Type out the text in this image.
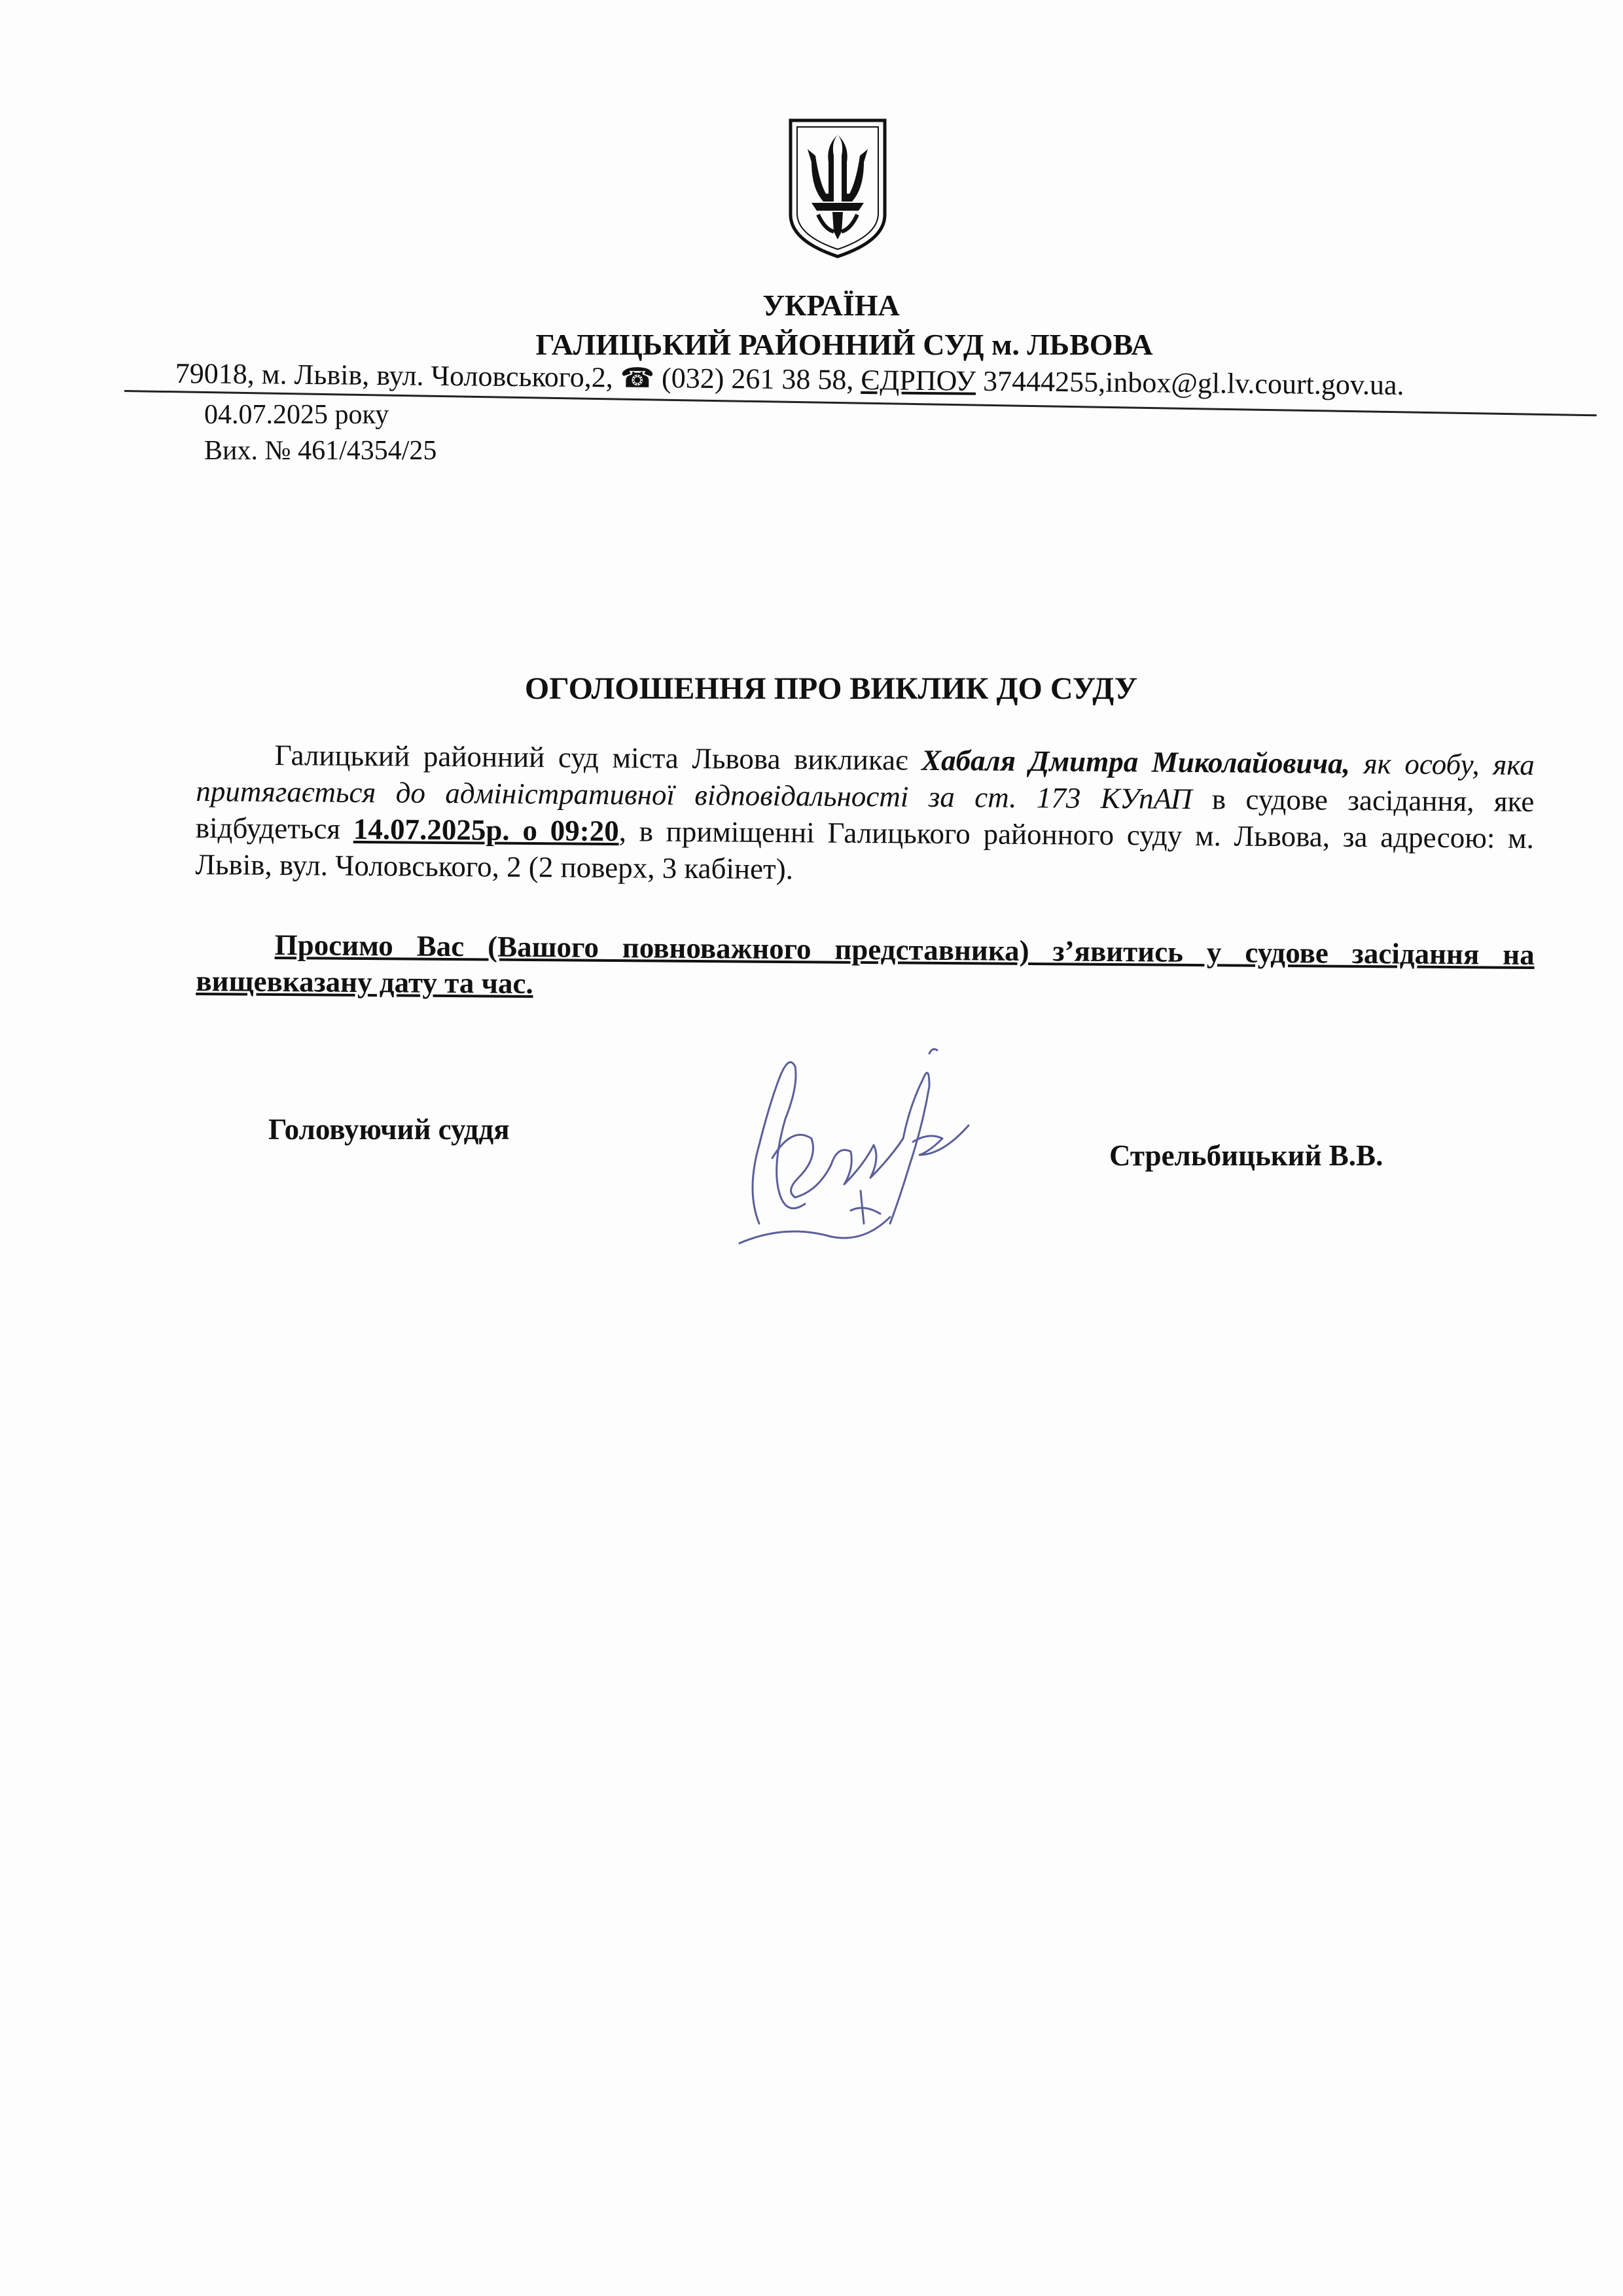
УКРАЇНА
ГАЛИЦЬКИЙ РАЙОННИЙ СУД м. ЛЬВОВА
79018, м. Львів, вул. Чоловського,2, ☎ (032) 261 38 58, ЄДРПОУ 37444255,inbox@gl.lv.court.gov.ua.
04.07.2025 року
Вих. № 461/4354/25
ОГОЛОШЕННЯ ПРО ВИКЛИК ДО СУДУ
Галицький районний суд міста Львова викликає Хабаля Дмитра Миколайовича, як особу, яка притягається до адміністративної відповідальності за ст. 173 КУпАП в судове засідання, яке відбудеться 14.07.2025р. о 09:20, в приміщенні Галицького районного суду м. Львова, за адресою: м. Львів, вул. Чоловського, 2 (2 поверх, 3 кабінет).
Просимо Вас (Вашого повноважного представника) з’явитись у судове засідання на вищевказану дату та час.
Головуючий суддя
Стрельбицький В.В.
